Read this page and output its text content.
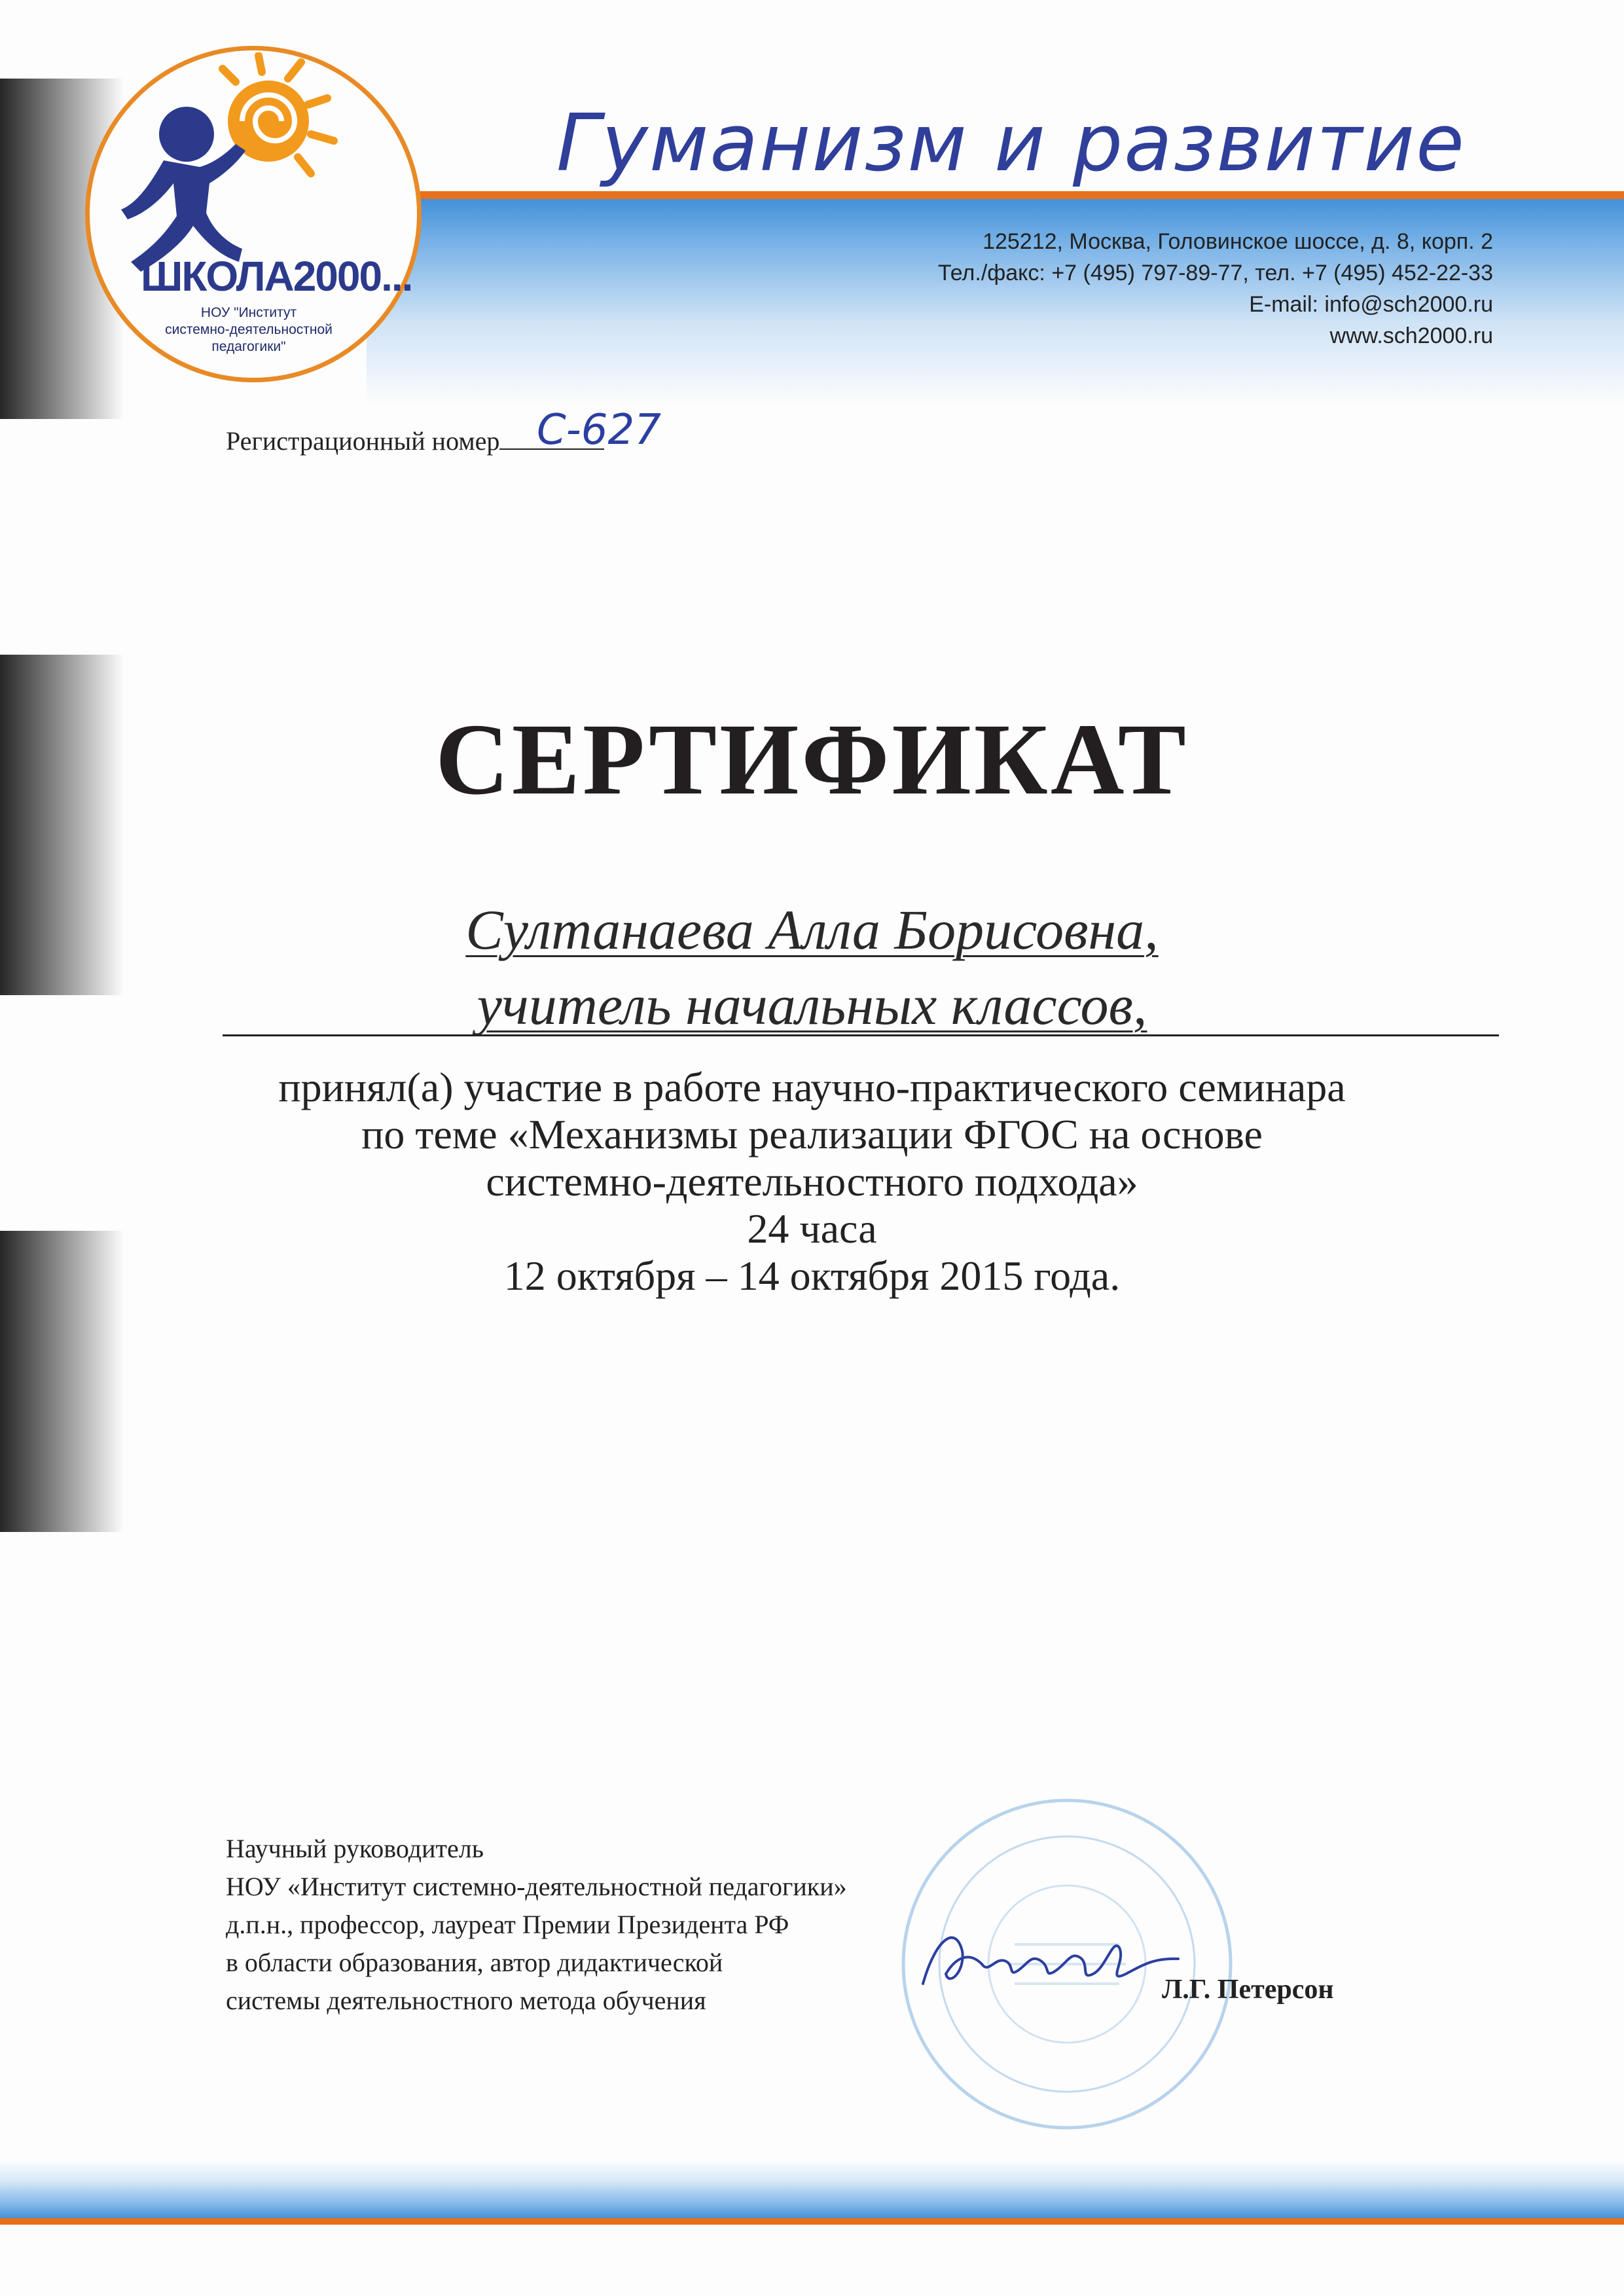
ШКОЛА2000...
НОУ "Институт
системно-деятельностной
педагогики"
Гуманизм и развитие
125212, Москва, Головинское шоссе, д. 8, корп. 2
Тел./факс: +7 (495) 797-89-77, тел. +7 (495) 452-22-33
E-mail: info@sch2000.ru
www.sch2000.ru
Регистрационный номер С-627
СЕРТИФИКАТ
Султанаева Алла Борисовна,
учитель начальных классов,
принял(а) участие в работе научно-практического семинара
по теме «Механизмы реализации ФГОС на основе
системно-деятельностного подхода»
24 часа
12 октября – 14 октября 2015 года.
Научный руководитель
НОУ «Институт системно-деятельностной педагогики»
д.п.н., профессор, лауреат Премии Президента РФ
в области образования, автор дидактической
системы деятельностного метода обучения	Л.Г. Петерсон
